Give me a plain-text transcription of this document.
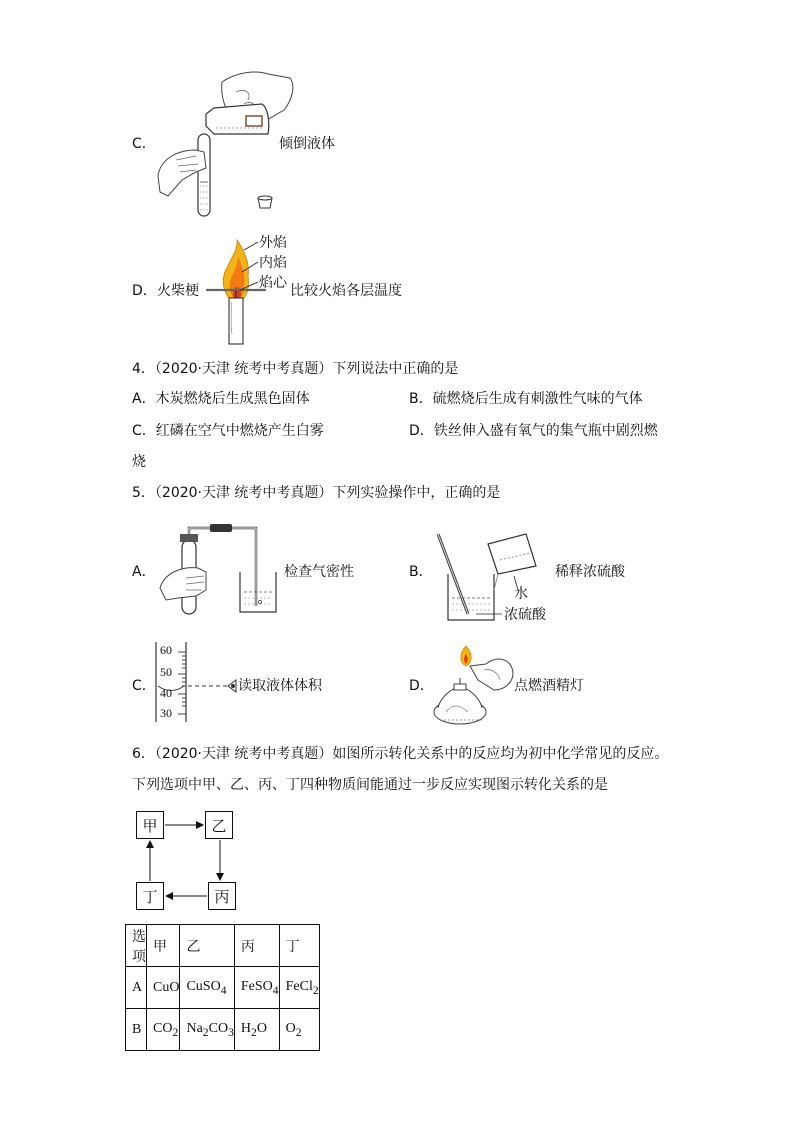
C．	倾倒液体
D． 火柴梗
外焰
内焰
焰心 比较火焰各层温度
4．（2020·天津 统考中考真题）下列说法中正确的是
A．木炭燃烧后生成黑色固体	B．硫燃烧后生成有刺激性气味的气体
C．红磷在空气中燃烧产生白雾	D．铁丝伸入盛有氧气的集气瓶中剧烈燃
烧
5．（2020·天津 统考中考真题）下列实验操作中，正确的是
A．	检查气密性	B．	稀释浓硫酸
水
浓硫酸
C．
60
50
40
30
读取液体体积	D．	点燃酒精灯
6．（2020·天津 统考中考真题）如图所示转化关系中的反应均为初中化学常见的反应。
下列选项中甲、乙、丙、丁四种物质间能通过一步反应实现图示转化关系的是
甲	乙
丙
丁
选项	甲	乙	丙	丁
A	CuO	CuSO$_4$	FeSO$_4$	FeCl$_2$
B	$CO_2$	$Na_2CO_3$	$H_2O$	$O_2$
